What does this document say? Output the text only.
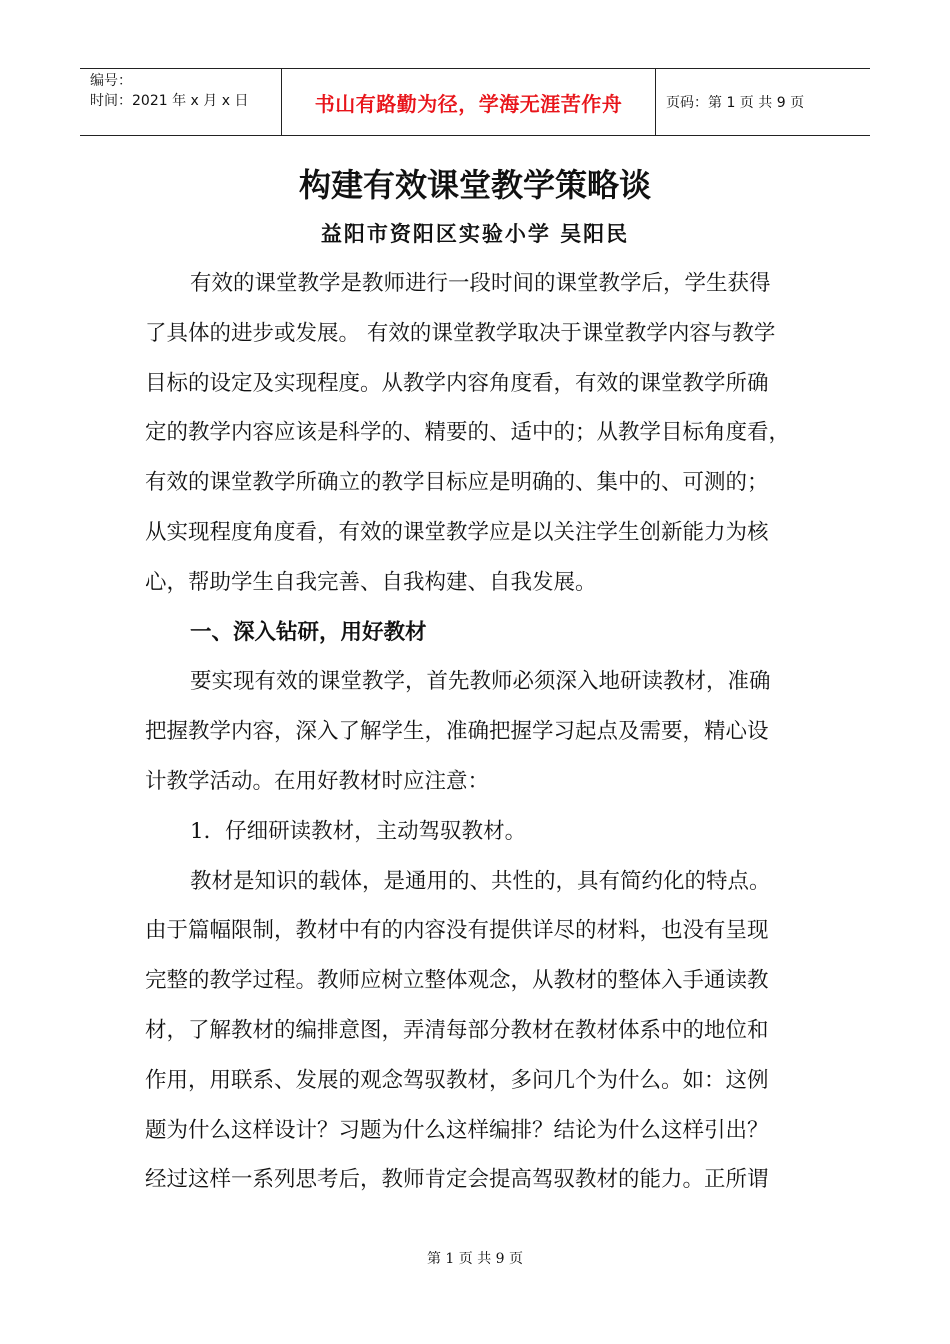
编号：
时间：2021 年 x 月 x 日	书山有路勤为径，学海无涯苦作舟	页码：第 1 页 共 9 页
构建有效课堂教学策略谈
益阳市资阳区实验小学 吴阳民
有效的课堂教学是教师进行一段时间的课堂教学后，学生获得
了具体的进步或发展。 有效的课堂教学取决于课堂教学内容与教学
目标的设定及实现程度。从教学内容角度看，有效的课堂教学所确
定的教学内容应该是科学的、精要的、适中的；从教学目标角度看，
有效的课堂教学所确立的教学目标应是明确的、集中的、可测的；
从实现程度角度看，有效的课堂教学应是以关注学生创新能力为核
心，帮助学生自我完善、自我构建、自我发展。
一、深入钻研，用好教材
要实现有效的课堂教学，首先教师必须深入地研读教材，准确
把握教学内容，深入了解学生，准确把握学习起点及需要，精心设
计教学活动。在用好教材时应注意：
1．仔细研读教材，主动驾驭教材。
教材是知识的载体，是通用的、共性的，具有简约化的特点。
由于篇幅限制，教材中有的内容没有提供详尽的材料，也没有呈现
完整的教学过程。教师应树立整体观念，从教材的整体入手通读教
材，了解教材的编排意图，弄清每部分教材在教材体系中的地位和
作用，用联系、发展的观念驾驭教材，多问几个为什么。如：这例
题为什么这样设计？习题为什么这样编排？结论为什么这样引出？
经过这样一系列思考后，教师肯定会提高驾驭教材的能力。正所谓
第 1 页 共 9 页
